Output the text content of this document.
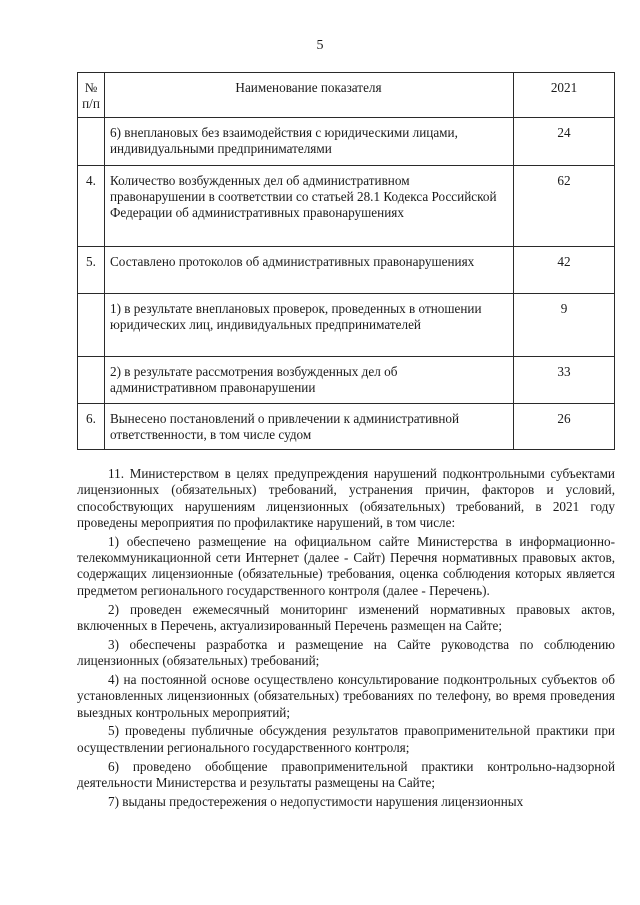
5
№ п/п	Наименование показателя	2021
	6) внеплановых без взаимодействия с юридическими лицами, индивидуальными предпринимателями	24
4.	Количество возбужденных дел об административном правонарушении в соответствии со статьей 28.1 Кодекса Российской Федерации об административных правонарушениях	62
5.	Составлено протоколов об административных правонарушениях	42
	1) в результате внеплановых проверок, проведенных в отношении юридических лиц, индивидуальных предпринимателей	9
	2) в результате рассмотрения возбужденных дел об административном правонарушении	33
6.	Вынесено постановлений о привлечении к административной ответственности, в том числе судом	26

11. Министерством в целях предупреждения нарушений подконтрольными субъектами лицензионных (обязательных) требований, устранения причин, факторов и условий, способствующих нарушениям лицензионных (обязательных) требований, в 2021 году проведены мероприятия по профилактике нарушений, в том числе:

1) обеспечено размещение на официальном сайте Министерства в информационно-телекоммуникационной сети Интернет (далее - Сайт) Перечня нормативных правовых актов, содержащих лицензионные (обязательные) требования, оценка соблюдения которых является предметом регионального государственного контроля (далее - Перечень).

2) проведен ежемесячный мониторинг изменений нормативных правовых актов, включенных в Перечень, актуализированный Перечень размещен на Сайте;

3) обеспечены разработка и размещение на Сайте руководства по соблюдению лицензионных (обязательных) требований;

4) на постоянной основе осуществлено консультирование подконтрольных субъектов об установленных лицензионных (обязательных) требованиях по телефону, во время проведения выездных контрольных мероприятий;

5) проведены публичные обсуждения результатов правоприменительной практики при осуществлении регионального государственного контроля;

6) проведено обобщение правоприменительной практики контрольно-надзорной деятельности Министерства и результаты размещены на Сайте;

7) выданы предостережения о недопустимости нарушения лицензионных
